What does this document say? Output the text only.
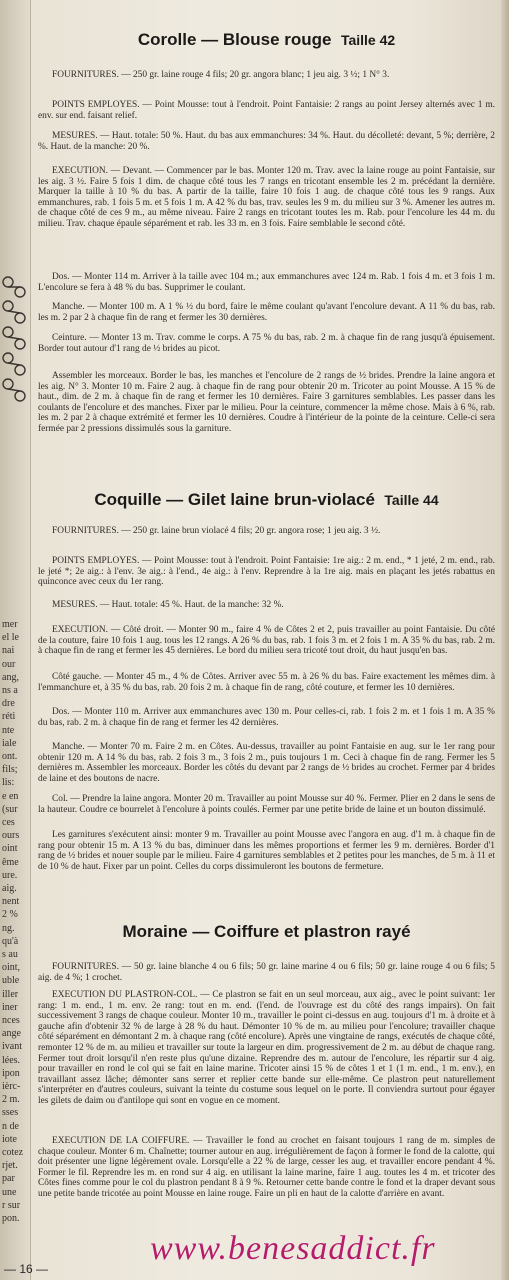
mer
el le
nai
our
ang,
ns a
dre
réti
nte
iale
ont.
fils;
lis:
e en
(sur
ces
ours
oint
ême
ure.
aig.
nent
2 %
ng.
qu'à
s au
oint,
uble
iller
iner
nces
ange
ivant
lées.
ipon
ièrc-
2 m.
sses
n de
iote
cotez
rjet.
par
une
r sur
pon.
Corolle — Blouse rouge Taille 42

FOURNITURES. — 250 gr. laine rouge 4 fils; 20 gr. angora blanc; 1 jeu aig. 3 ½; 1 N° 3.

POINTS EMPLOYES. — Point Mousse: tout à l'endroit. Point Fantaisie: 2 rangs au point Jersey alternés avec 1 m. env. sur end. faisant relief.

MESURES. — Haut. totale: 50 %. Haut. du bas aux emmanchures: 34 %. Haut. du décolleté: devant, 5 %; derrière, 2 %. Haut. de la manche: 20 %.

EXECUTION. — Devant. — Commencer par le bas. Monter 120 m. Trav. avec la laine rouge au point Fantaisie, sur les aig. 3 ½. Faire 5 fois 1 dim. de chaque côté tous les 7 rangs en tricotant ensemble les 2 m. précédant la dernière. Marquer la taille à 10 % du bas. A partir de la taille, faire 10 fois 1 aug. de chaque côté tous les 9 rangs. Aux emmanchures, rab. 1 fois 5 m. et 5 fois 1 m. A 42 % du bas, trav. seules les 9 m. du milieu sur 3 %. Amener les autres m. de chaque côté de ces 9 m., au même niveau. Faire 2 rangs en tricotant toutes les m. Rab. pour l'encolure les 44 m. du milieu. Trav. chaque épaule séparément et rab. les 33 m. en 3 fois. Faire semblable le second côté.

Dos. — Monter 114 m. Arriver à la taille avec 104 m.; aux emmanchures avec 124 m. Rab. 1 fois 4 m. et 3 fois 1 m. L'encolure se fera à 48 % du bas. Supprimer le coulant.

Manche. — Monter 100 m. A 1 % ½ du bord, faire le même coulant qu'avant l'encolure devant. A 11 % du bas, rab. les m. 2 par 2 à chaque fin de rang et fermer les 30 dernières.

Ceinture. — Monter 13 m. Trav. comme le corps. A 75 % du bas, rab. 2 m. à chaque fin de rang jusqu'à épuisement. Border tout autour d'1 rang de ½ brides au picot.

Assembler les morceaux. Border le bas, les manches et l'encolure de 2 rangs de ½ brides. Prendre la laine angora et les aig. N° 3. Monter 10 m. Faire 2 aug. à chaque fin de rang pour obtenir 20 m. Tricoter au point Mousse. A 15 % de haut., dim. de 2 m. à chaque fin de rang et fermer les 10 dernières. Faire 3 garnitures semblables. Les passer dans les coulants de l'encolure et des manches. Fixer par le milieu. Pour la ceinture, commencer la même chose. Mais à 6 %, rab. les m. 2 par 2 à chaque extrémité et fermer les 10 dernières. Coudre à l'intérieur de la pointe de la ceinture. Celle-ci sera fermée par 2 pressions dissimulés sous la garniture.

Coquille — Gilet laine brun-violacé Taille 44

FOURNITURES. — 250 gr. laine brun violacé 4 fils; 20 gr. angora rose; 1 jeu aig. 3 ½.

POINTS EMPLOYES. — Point Mousse: tout à l'endroit. Point Fantaisie: 1re aig.: 2 m. end., * 1 jeté, 2 m. end., rab. le jeté *; 2e aig.: à l'env. 3e aig.: à l'end., 4e aig.: à l'env. Reprendre à la 1re aig. mais en plaçant les jetés rabattus en quinconce avec ceux du 1er rang.

MESURES. — Haut. totale: 45 %. Haut. de la manche: 32 %.

EXECUTION. — Côté droit. — Monter 90 m., faire 4 % de Côtes 2 et 2, puis travailler au point Fantaisie. Du côté de la couture, faire 10 fois 1 aug. tous les 12 rangs. A 26 % du bas, rab. 1 fois 3 m. et 2 fois 1 m. A 35 % du bas, rab. 2 m. à chaque fin de rang et fermer les 45 dernières. Le bord du milieu sera tricoté tout droit, du haut jusqu'en bas.

Côté gauche. — Monter 45 m., 4 % de Côtes. Arriver avec 55 m. à 26 % du bas. Faire exactement les mêmes dim. à l'emmanchure et, à 35 % du bas, rab. 20 fois 2 m. à chaque fin de rang, côté couture, et fermer les 10 dernières.

Dos. — Monter 110 m. Arriver aux emmanchures avec 130 m. Pour celles-ci, rab. 1 fois 2 m. et 1 fois 1 m. A 35 % du bas, rab. 2 m. à chaque fin de rang et fermer les 42 dernières.

Manche. — Monter 70 m. Faire 2 m. en Côtes. Au-dessus, travailler au point Fantaisie en aug. sur le 1er rang pour obtenir 120 m. A 14 % du bas, rab. 2 fois 3 m., 3 fois 2 m., puis toujours 1 m. Ceci à chaque fin de rang. Fermer les 5 dernières m. Assembler les morceaux. Border les côtés du devant par 2 rangs de ½ brides au crochet. Fermer par 4 brides de laine et des boutons de nacre.

Col. — Prendre la laine angora. Monter 20 m. Travailler au point Mousse sur 40 %. Fermer. Plier en 2 dans le sens de la hauteur. Coudre ce bourrelet à l'encolure à points coulés. Fermer par une petite bride de laine et un bouton dissimulé.

Les garnitures s'exécutent ainsi: monter 9 m. Travailler au point Mousse avec l'angora en aug. d'1 m. à chaque fin de rang pour obtenir 15 m. A 13 % du bas, diminuer dans les mêmes proportions et fermer les 9 m. dernières. Border d'1 rang de ½ brides et nouer souple par le milieu. Faire 4 garnitures semblables et 2 petites pour les manches, de 5 m. à 11 et de 10 % de haut. Fixer par un point. Celles du corps dissimuleront les boutons de fermeture.

Moraine — Coiffure et plastron rayé

FOURNITURES. — 50 gr. laine blanche 4 ou 6 fils; 50 gr. laine marine 4 ou 6 fils; 50 gr. laine rouge 4 ou 6 fils; 5 aig. de 4 %; 1 crochet.

EXECUTION DU PLASTRON-COL. — Ce plastron se fait en un seul morceau, aux aig., avec le point suivant: 1er rang: 1 m. end., 1 m. env. 2e rang: tout en m. end. (l'end. de l'ouvrage est du côté des rangs impairs). On fait successivement 3 rangs de chaque couleur. Monter 10 m., travailler le point ci-dessus en aug. toujours d'1 m. à droite et à gauche afin d'obtenir 32 % de large à 28 % du haut. Démonter 10 % de m. au milieu pour l'encolure; travailler chaque côté séparément en démontant 2 m. à chaque rang (côté encolure). Après une vingtaine de rangs, exécutés de chaque côté, remonter 12 % de m. au milieu et travailler sur toute la largeur en dim. progressivement de 2 m. au début de chaque rang. Fermer tout droit lorsqu'il n'en reste plus qu'une dizaine. Reprendre des m. autour de l'encolure, les répartir sur 4 aig. pour travailler en rond le col qui se fait en laine marine. Tricoter ainsi 15 % de côtes 1 et 1 (1 m. end., 1 m. env.), en travaillant assez lâche; démonter sans serrer et replier cette bande sur elle-même. Ce plastron peut naturellement s'interpréter en d'autres couleurs, suivant la teinte du costume sous lequel on le porte. Il conviendra surtout pour égayer les gilets de daim ou d'antilope qui sont en vogue en ce moment.

EXECUTION DE LA COIFFURE. — Travailler le fond au crochet en faisant toujours 1 rang de m. simples de chaque couleur. Monter 6 m. Chaînette; tourner autour en aug. irrégulièrement de façon à former le fond de la calotte, qui doit présenter une ligne légèrement ovale. Lorsqu'elle a 22 % de large, cesser les aug. et travailler encore pendant 4 %. Former le fil. Reprendre les m. en rond sur 4 aig. en utilisant la laine marine, faire 1 aug. toutes les 4 m. et tricoter des Côtes fines comme pour le col du plastron pendant 8 à 9 %. Retourner cette bande contre le fond et la draper devant sous une petite bande tricotée au point Mousse en laine rouge. Faire un pli en haut de la calotte d'arrière en avant.

www.benesaddict.fr
— 16 —
